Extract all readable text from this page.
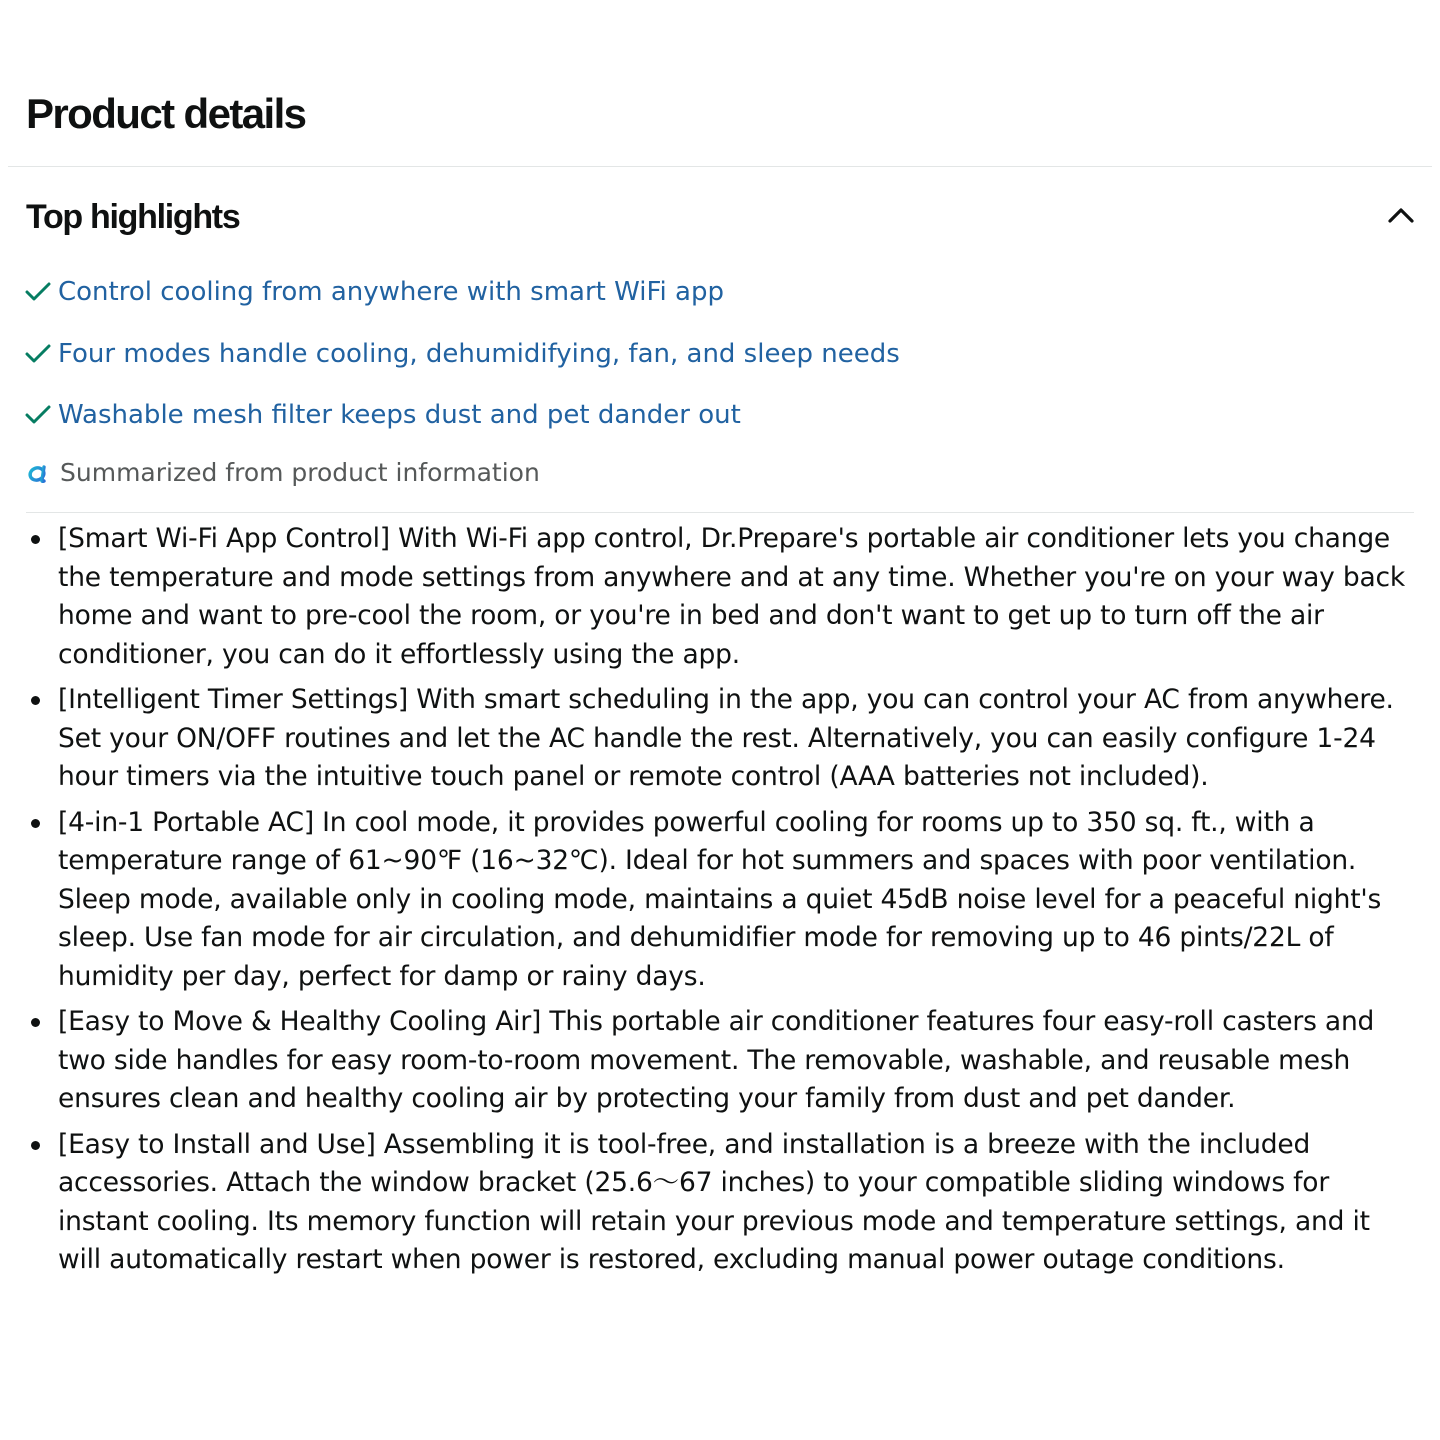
Product details
Top highlights
Control cooling from anywhere with smart WiFi app
Four modes handle cooling, dehumidifying, fan, and sleep needs
Washable mesh filter keeps dust and pet dander out
Summarized from product information
[Smart Wi-Fi App Control] With Wi-Fi app control, Dr.Prepare's portable air conditioner lets you change the temperature and mode settings from anywhere and at any time. Whether you're on your way back home and want to pre-cool the room, or you're in bed and don't want to get up to turn off the air conditioner, you can do it effortlessly using the app.
[Intelligent Timer Settings] With smart scheduling in the app, you can control your AC from anywhere. Set your ON/OFF routines and let the AC handle the rest. Alternatively, you can easily configure 1-24 hour timers via the intuitive touch panel or remote control (AAA batteries not included).
[4-in-1 Portable AC] In cool mode, it provides powerful cooling for rooms up to 350 sq. ft., with a temperature range of 61~90℉ (16~32℃). Ideal for hot summers and spaces with poor ventilation. Sleep mode, available only in cooling mode, maintains a quiet 45dB noise level for a peaceful night's sleep. Use fan mode for air circulation, and dehumidifier mode for removing up to 46 pints/22L of humidity per day, perfect for damp or rainy days.
[Easy to Move & Healthy Cooling Air] This portable air conditioner features four easy-roll casters and two side handles for easy room-to-room movement. The removable, washable, and reusable mesh ensures clean and healthy cooling air by protecting your family from dust and pet dander.
[Easy to Install and Use] Assembling it is tool-free, and installation is a breeze with the included accessories. Attach the window bracket (25.6～67 inches) to your compatible sliding windows for instant cooling. Its memory function will retain your previous mode and temperature settings, and it will automatically restart when power is restored, excluding manual power outage conditions.
